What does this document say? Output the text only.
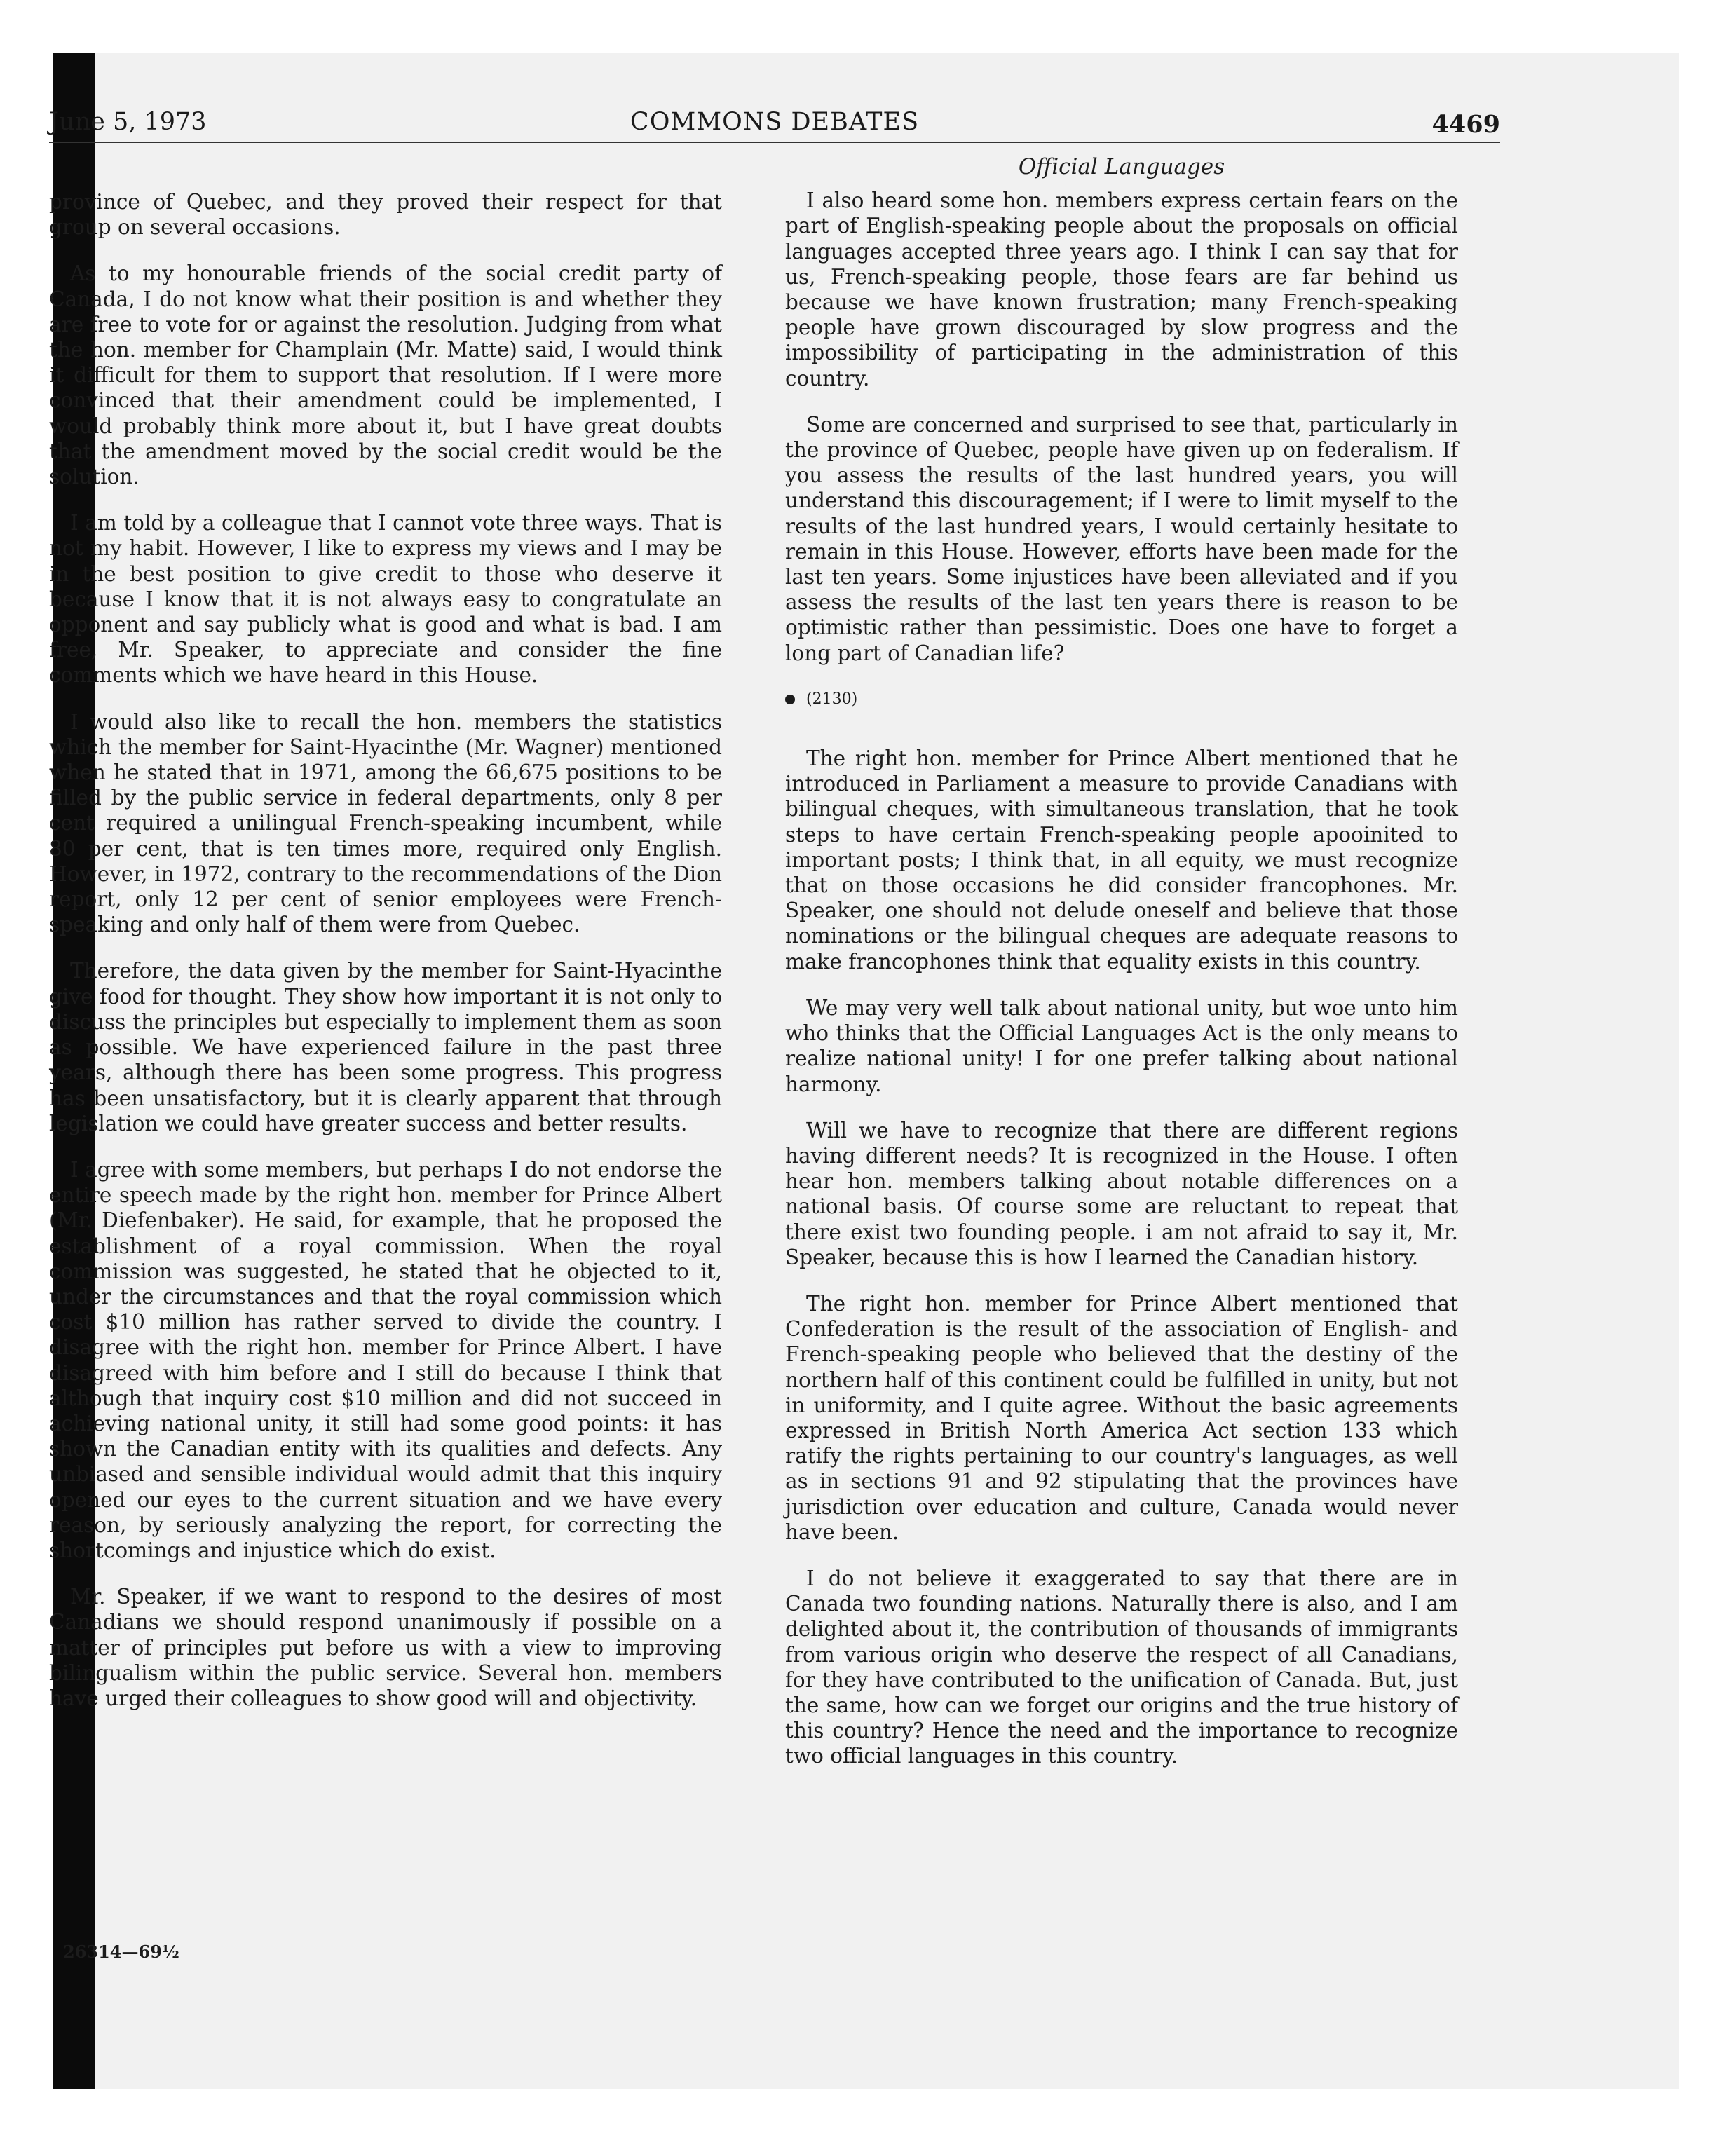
June 5, 1973	COMMONS DEBATES	4469

province of Quebec, and they proved their respect for that group on several occasions.

As to my honourable friends of the social credit party of Canada, I do not know what their position is and whether they are free to vote for or against the resolution. Judging from what the hon. member for Champlain (Mr. Matte) said, I would think it difficult for them to support that resolution. If I were more convinced that their amendment could be implemented, I would probably think more about it, but I have great doubts that the amendment moved by the social credit would be the solution.

I am told by a colleague that I cannot vote three ways. That is not my habit. However, I like to express my views and I may be in the best position to give credit to those who deserve it because I know that it is not always easy to congratulate an opponent and say publicly what is good and what is bad. I am free, Mr. Speaker, to appreciate and consider the fine comments which we have heard in this House.

I would also like to recall the hon. members the statistics which the member for Saint-Hyacinthe (Mr. Wagner) mentioned when he stated that in 1971, among the 66,675 positions to be filled by the public service in federal departments, only 8 per cent required a unilingual French-speaking incumbent, while 80 per cent, that is ten times more, required only English. However, in 1972, contrary to the recommendations of the Dion report, only 12 per cent of senior employees were French-speaking and only half of them were from Quebec.

Therefore, the data given by the member for Saint-Hyacinthe give food for thought. They show how important it is not only to discuss the principles but especially to implement them as soon as possible. We have experienced failure in the past three years, although there has been some progress. This progress has been unsatisfactory, but it is clearly apparent that through legislation we could have greater success and better results.

I agree with some members, but perhaps I do not endorse the entire speech made by the right hon. member for Prince Albert (Mr. Diefenbaker). He said, for example, that he proposed the establishment of a royal commission. When the royal commission was suggested, he stated that he objected to it, under the circumstances and that the royal commission which cost $10 million has rather served to divide the country. I disagree with the right hon. member for Prince Albert. I have disagreed with him before and I still do because I think that although that inquiry cost $10 million and did not succeed in achieving national unity, it still had some good points: it has shown the Canadian entity with its qualities and defects. Any unbiased and sensible individual would admit that this inquiry opened our eyes to the current situation and we have every reason, by seriously analyzing the report, for correcting the shortcomings and injustice which do exist.

Mr. Speaker, if we want to respond to the desires of most Canadians we should respond unanimously if possible on a matter of principles put before us with a view to improving bilingualism within the public service. Several hon. members have urged their colleagues to show good will and objectivity.

Official Languages

I also heard some hon. members express certain fears on the part of English-speaking people about the proposals on official languages accepted three years ago. I think I can say that for us, French-speaking people, those fears are far behind us because we have known frustration; many French-speaking people have grown discouraged by slow progress and the impossibility of participating in the administration of this country.

Some are concerned and surprised to see that, particularly in the province of Quebec, people have given up on federalism. If you assess the results of the last hundred years, you will understand this discouragement; if I were to limit myself to the results of the last hundred years, I would certainly hesitate to remain in this House. However, efforts have been made for the last ten years. Some injustices have been alleviated and if you assess the results of the last ten years there is reason to be optimistic rather than pessimistic. Does one have to forget a long part of Canadian life?

(2130)

The right hon. member for Prince Albert mentioned that he introduced in Parliament a measure to provide Canadians with bilingual cheques, with simultaneous translation, that he took steps to have certain French-speaking people apooinited to important posts; I think that, in all equity, we must recognize that on those occasions he did consider francophones. Mr. Speaker, one should not delude oneself and believe that those nominations or the bilingual cheques are adequate reasons to make francophones think that equality exists in this country.

We may very well talk about national unity, but woe unto him who thinks that the Official Languages Act is the only means to realize national unity! I for one prefer talking about national harmony.

Will we have to recognize that there are different regions having different needs? It is recognized in the House. I often hear hon. members talking about notable differences on a national basis. Of course some are reluctant to repeat that there exist two founding people. i am not afraid to say it, Mr. Speaker, because this is how I learned the Canadian history.

The right hon. member for Prince Albert mentioned that Confederation is the result of the association of English- and French-speaking people who believed that the destiny of the northern half of this continent could be fulfilled in unity, but not in uniformity, and I quite agree. Without the basic agreements expressed in British North America Act section 133 which ratify the rights pertaining to our country's languages, as well as in sections 91 and 92 stipulating that the provinces have jurisdiction over education and culture, Canada would never have been.

I do not believe it exaggerated to say that there are in Canada two founding nations. Naturally there is also, and I am delighted about it, the contribution of thousands of immigrants from various origin who deserve the respect of all Canadians, for they have contributed to the unification of Canada. But, just the same, how can we forget our origins and the true history of this country? Hence the need and the importance to recognize two official languages in this country.

26314—69½
